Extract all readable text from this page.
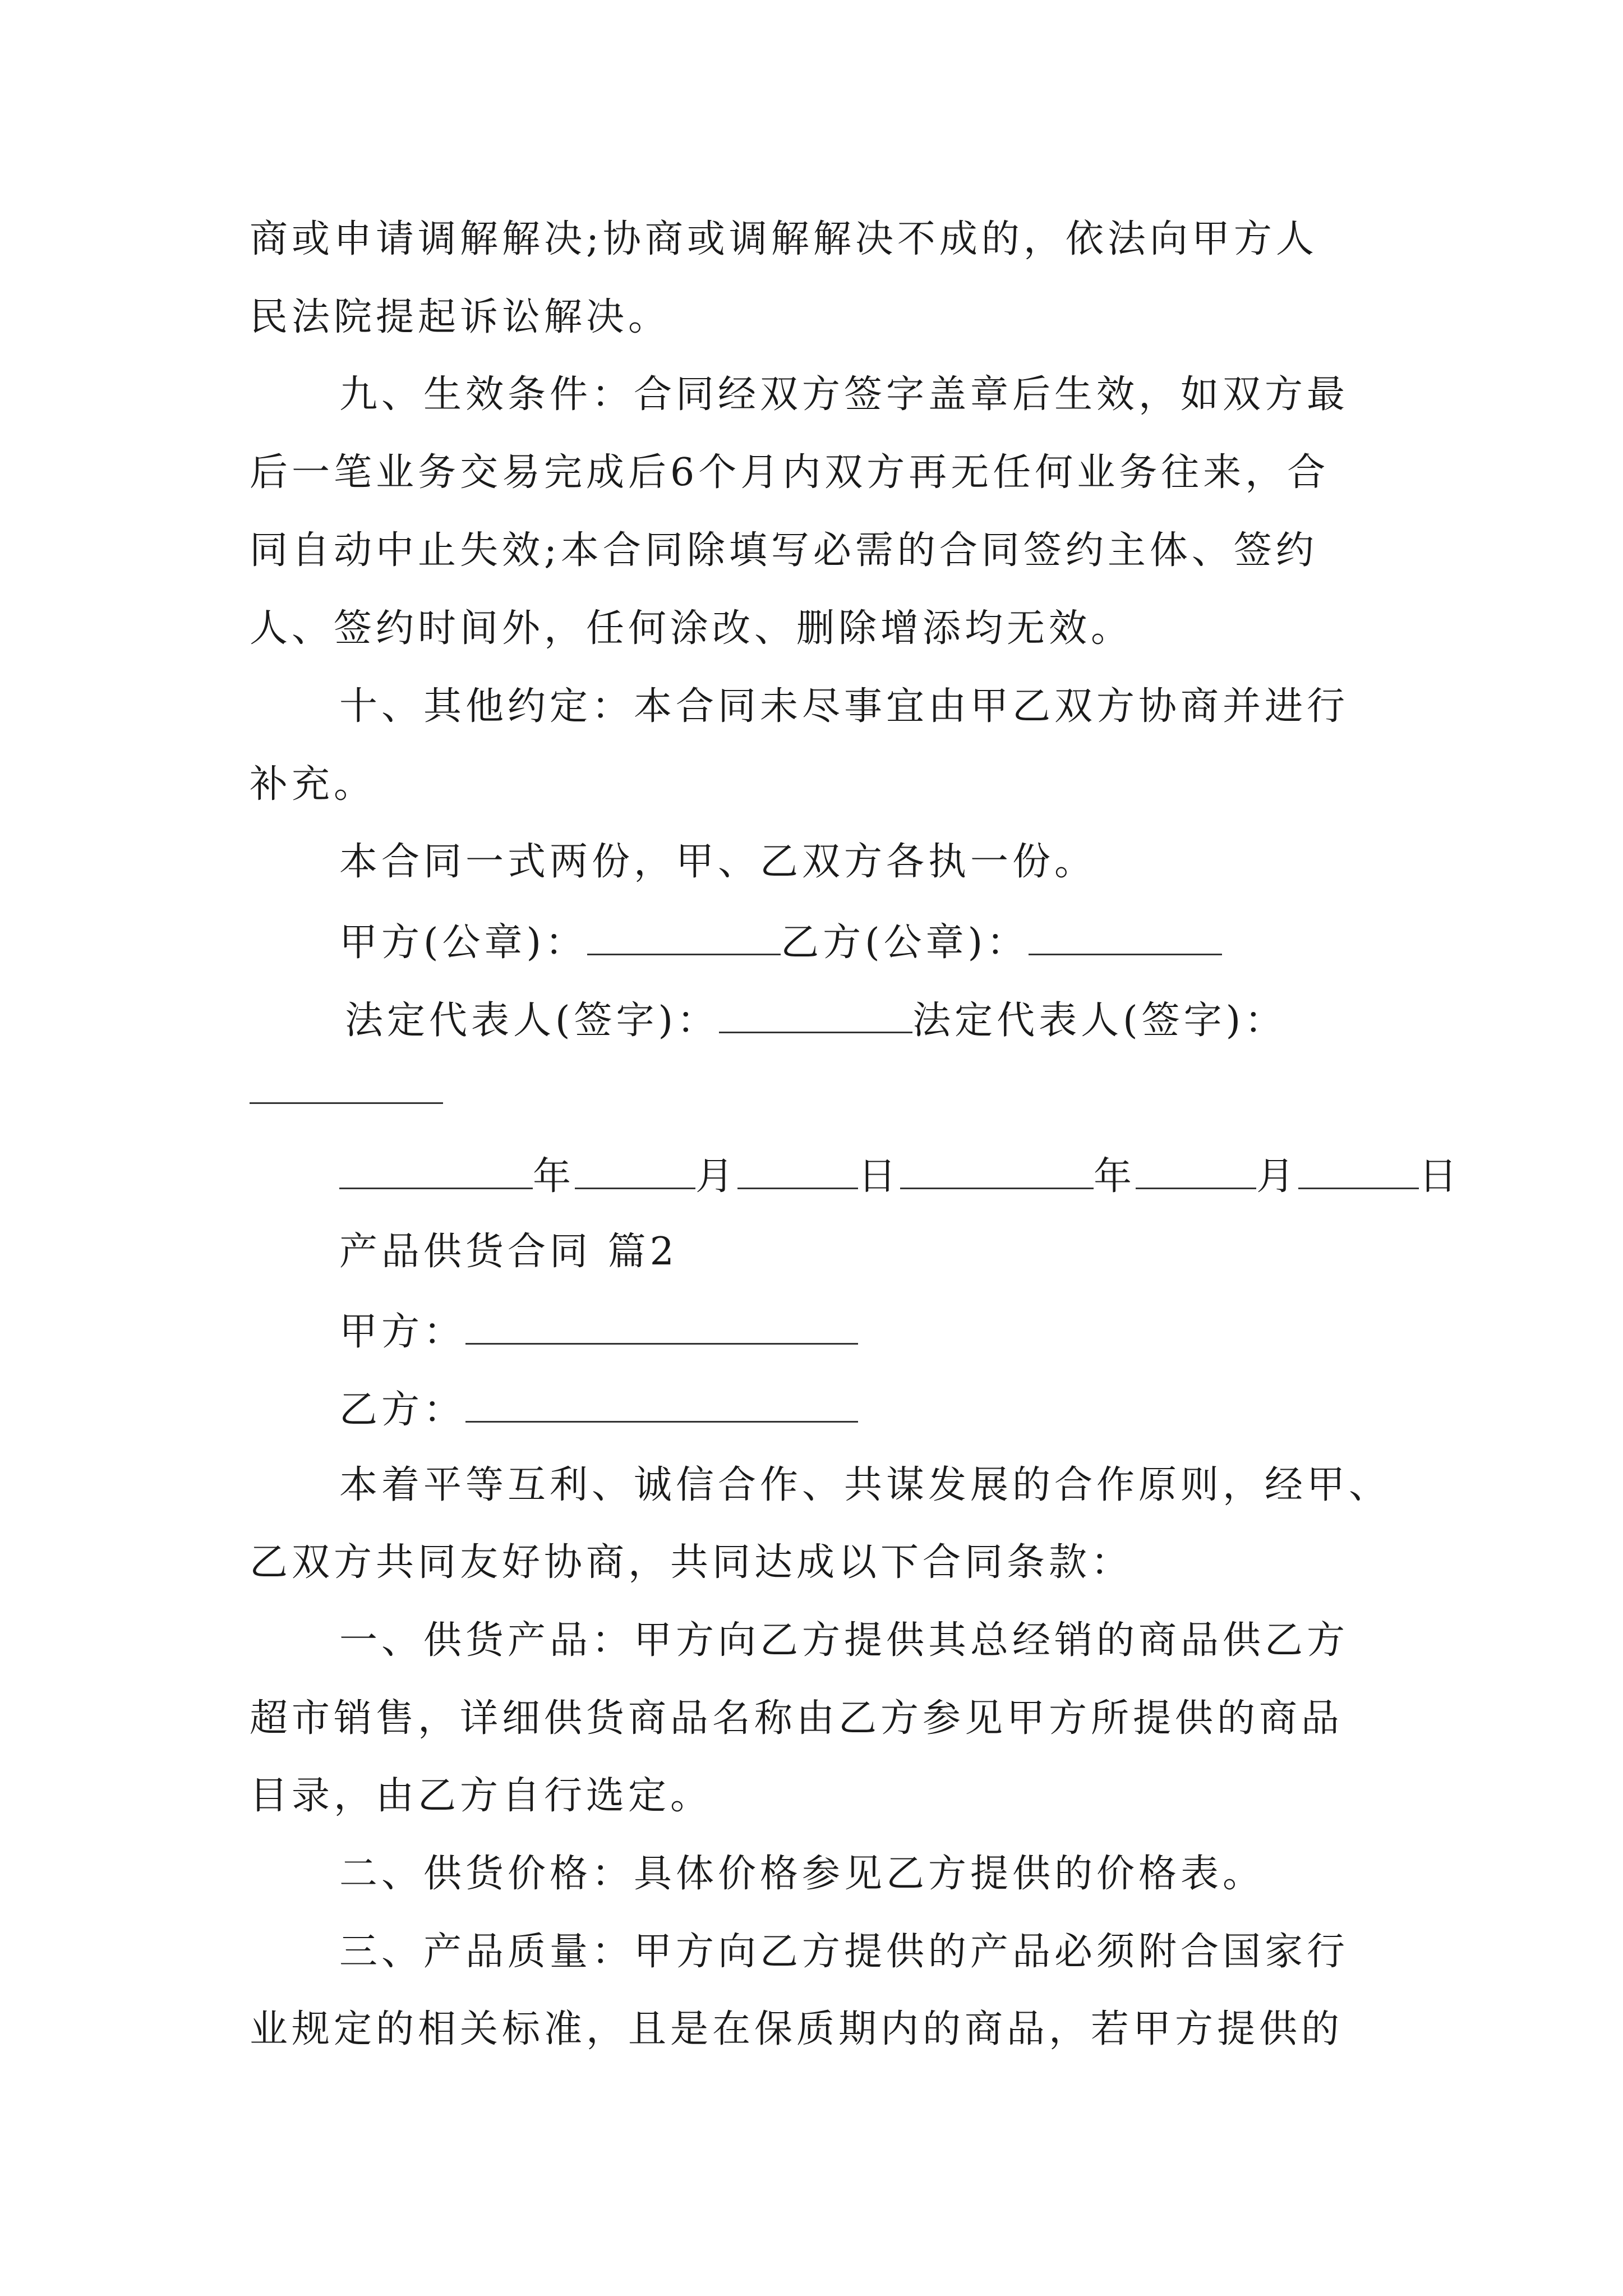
商或申请调解解决;协商或调解解决不成的，依法向甲方人
民法院提起诉讼解决。
九、生效条件：合同经双方签字盖章后生效，如双方最
后一笔业务交易完成后6个月内双方再无任何业务往来，合
同自动中止失效;本合同除填写必需的合同签约主体、签约
人、签约时间外，任何涂改、删除增添均无效。
十、其他约定：本合同未尽事宜由甲乙双方协商并进行
补充。
本合同一式两份，甲、乙双方各执一份。
甲方(公章)：	乙方(公章)：
法定代表人(签字)：	法定代表人(签字)：
年	月	日	年	月	日
产品供货合同 篇2
甲方：
乙方：
本着平等互利、诚信合作、共谋发展的合作原则，经甲、
乙双方共同友好协商，共同达成以下合同条款：
一、供货产品：甲方向乙方提供其总经销的商品供乙方
超市销售，详细供货商品名称由乙方参见甲方所提供的商品
目录，由乙方自行选定。
二、供货价格：具体价格参见乙方提供的价格表。
三、产品质量：甲方向乙方提供的产品必须附合国家行
业规定的相关标准，且是在保质期内的商品，若甲方提供的
